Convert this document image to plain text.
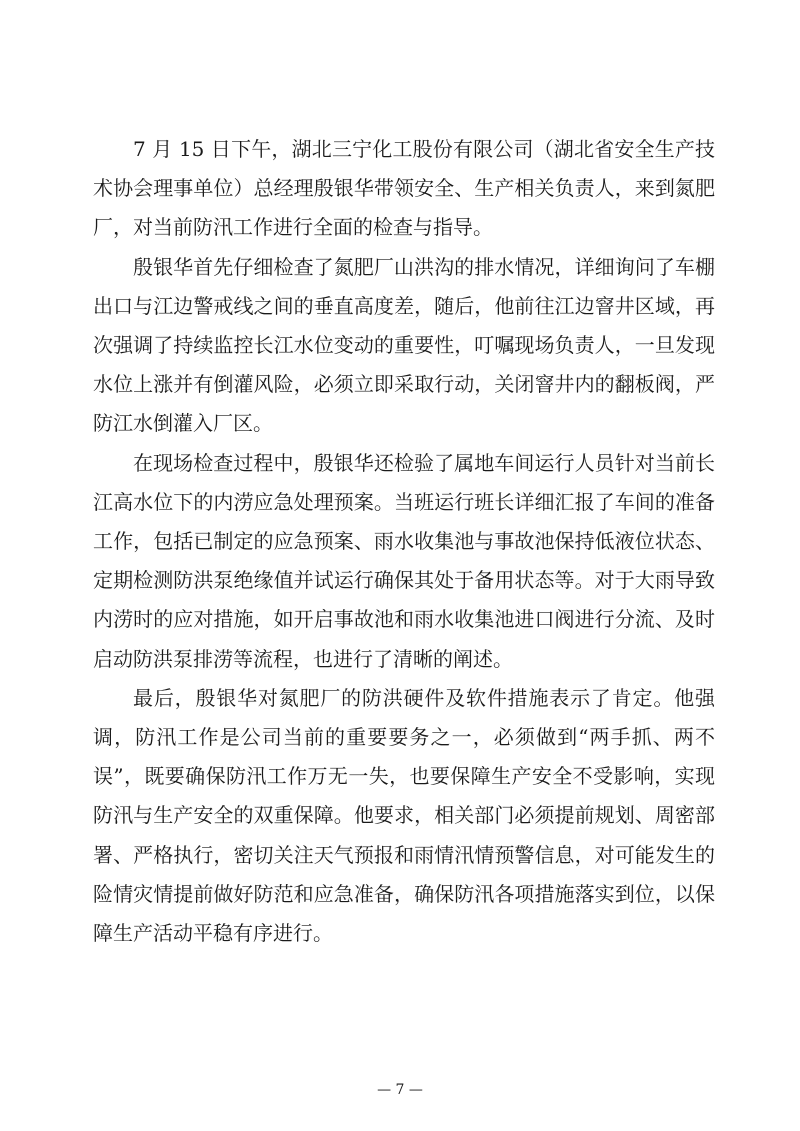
7 月 15 日下午，湖北三宁化工股份有限公司（湖北省安全生产技术协会理事单位）总经理殷银华带领安全、生产相关负责人，来到氮肥厂，对当前防汛工作进行全面的检查与指导。

殷银华首先仔细检查了氮肥厂山洪沟的排水情况，详细询问了车棚出口与江边警戒线之间的垂直高度差，随后，他前往江边窨井区域，再次强调了持续监控长江水位变动的重要性，叮嘱现场负责人，一旦发现水位上涨并有倒灌风险，必须立即采取行动，关闭窨井内的翻板阀，严防江水倒灌入厂区。

在现场检查过程中，殷银华还检验了属地车间运行人员针对当前长江高水位下的内涝应急处理预案。当班运行班长详细汇报了车间的准备工作，包括已制定的应急预案、雨水收集池与事故池保持低液位状态、定期检测防洪泵绝缘值并试运行确保其处于备用状态等。对于大雨导致内涝时的应对措施，如开启事故池和雨水收集池进口阀进行分流、及时启动防洪泵排涝等流程，也进行了清晰的阐述。

最后，殷银华对氮肥厂的防洪硬件及软件措施表示了肯定。他强调，防汛工作是公司当前的重要要务之一，必须做到“两手抓、两不误”，既要确保防汛工作万无一失，也要保障生产安全不受影响，实现防汛与生产安全的双重保障。他要求，相关部门必须提前规划、周密部署、严格执行，密切关注天气预报和雨情汛情预警信息，对可能发生的险情灾情提前做好防范和应急准备，确保防汛各项措施落实到位，以保障生产活动平稳有序进行。

— 7 —
